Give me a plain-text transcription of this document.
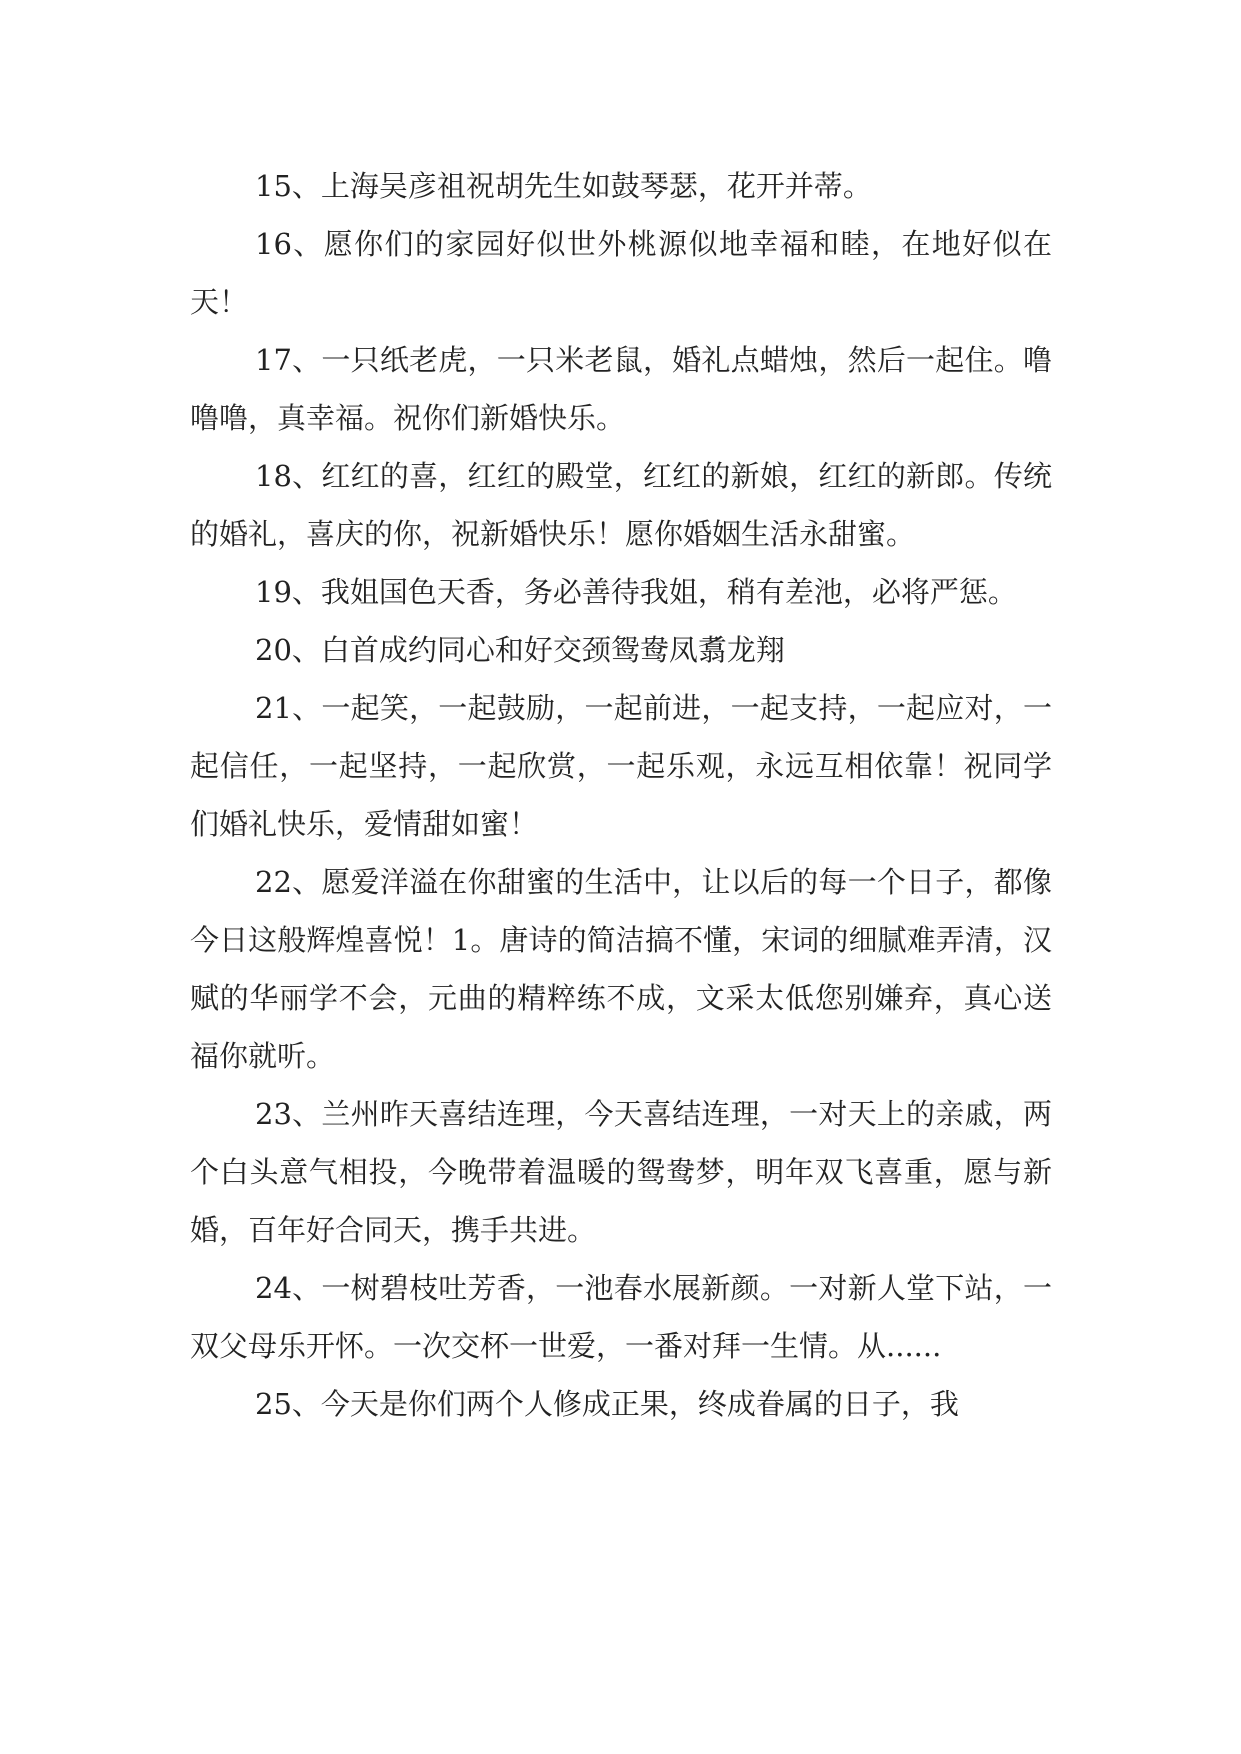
15、上海吴彦祖祝胡先生如鼓琴瑟，花开并蒂。

16、愿你们的家园好似世外桃源似地幸福和睦，在地好似在天！

17、一只纸老虎，一只米老鼠，婚礼点蜡烛，然后一起住。噜噜噜，真幸福。祝你们新婚快乐。

18、红红的喜，红红的殿堂，红红的新娘，红红的新郎。传统的婚礼，喜庆的你，祝新婚快乐！愿你婚姻生活永甜蜜。

19、我姐国色天香，务必善待我姐，稍有差池，必将严惩。

20、白首成约同心和好交颈鸳鸯凤翥龙翔

21、一起笑，一起鼓励，一起前进，一起支持，一起应对，一起信任，一起坚持，一起欣赏，一起乐观，永远互相依靠！祝同学们婚礼快乐，爱情甜如蜜！

22、愿爱洋溢在你甜蜜的生活中，让以后的每一个日子，都像今日这般辉煌喜悦！1。唐诗的简洁搞不懂，宋词的细腻难弄清，汉赋的华丽学不会，元曲的精粹练不成，文采太低您别嫌弃，真心送福你就听。

23、兰州昨天喜结连理，今天喜结连理，一对天上的亲戚，两个白头意气相投，今晚带着温暖的鸳鸯梦，明年双飞喜重，愿与新婚，百年好合同天，携手共进。

24、一树碧枝吐芳香，一池春水展新颜。一对新人堂下站，一双父母乐开怀。一次交杯一世爱，一番对拜一生情。从......

25、今天是你们两个人修成正果，终成眷属的日子，我
